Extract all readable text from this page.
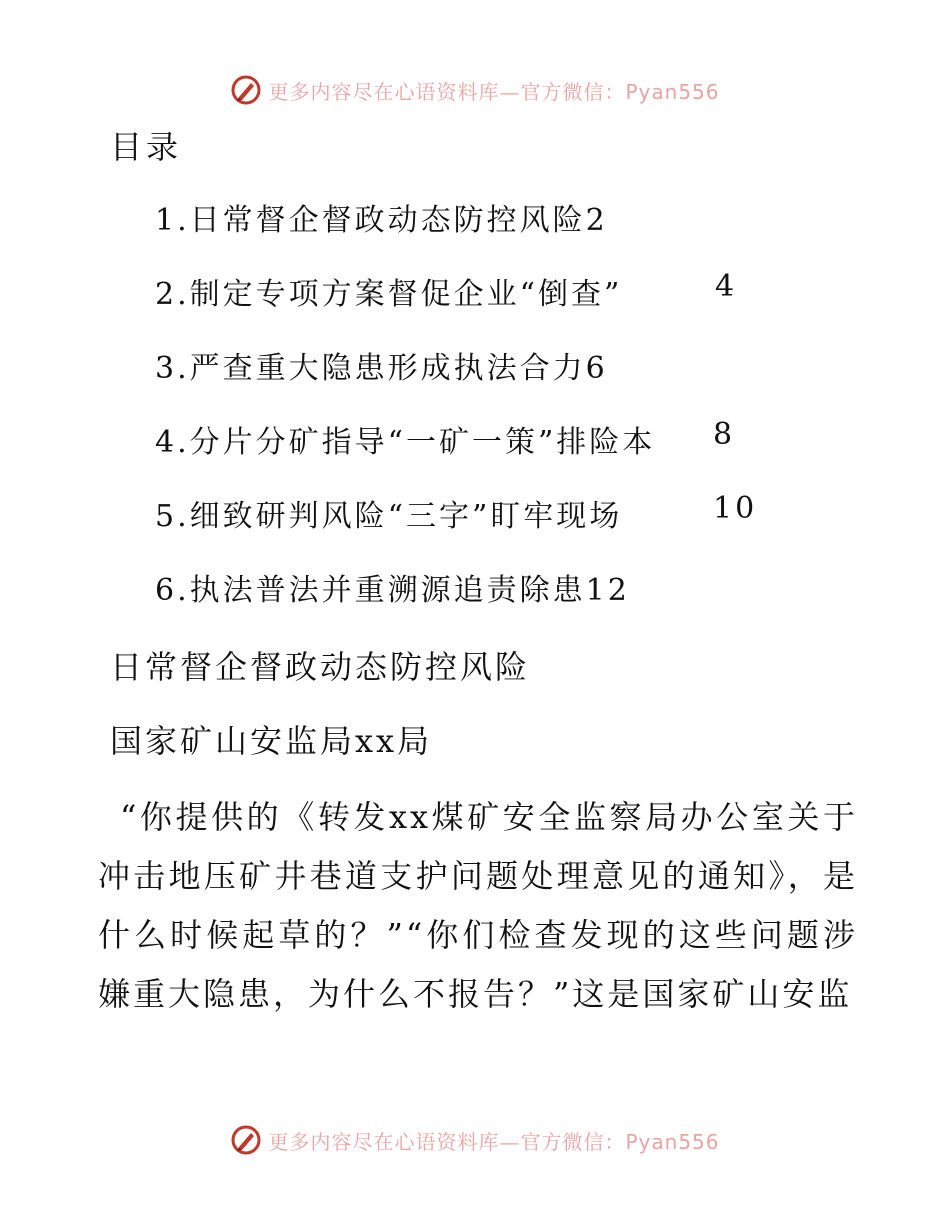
更多内容尽在心语资料库—官方微信：Pyan556
目录
1.日常督企督政动态防控风险2
2.制定专项方案督促企业“倒查”	4
3.严查重大隐患形成执法合力6
4.分片分矿指导“一矿一策”排险本 8
5.细致研判风险“三字”盯牢现场	10
6.执法普法并重溯源追责除患12
日常督企督政动态防控风险
国家矿山安监局xx局
“你提供的《转发xx煤矿安全监察局办公室关于冲击地压矿井巷道支护问题处理意见的通知》，是什么时候起草的？”“你们检查发现的这些问题涉嫌重大隐患，为什么不报告？”这是国家矿山安监
更多内容尽在心语资料库—官方微信：Pyan556
